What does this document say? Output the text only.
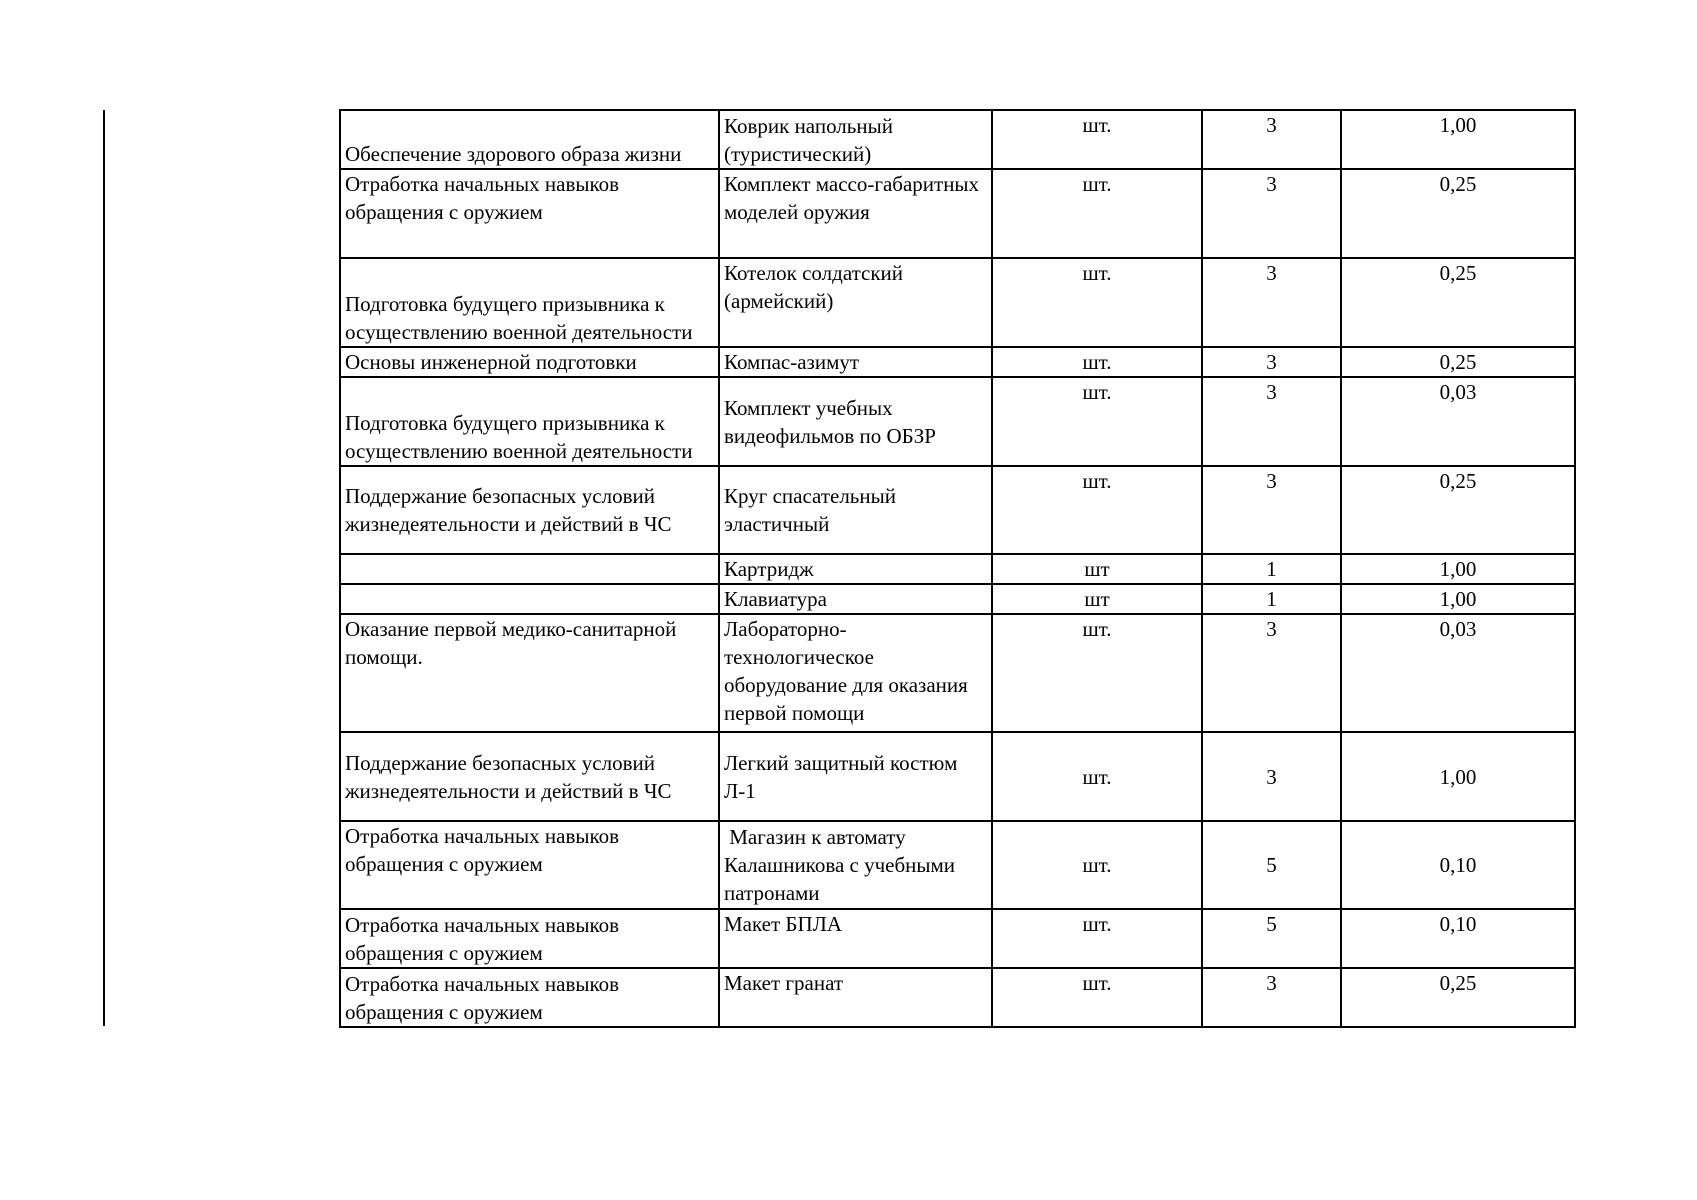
Обеспечение здорового образа жизни	Коврик напольный (туристический)	шт.	3	1,00
Отработка начальных навыков обращения с оружием	Комплект массо-габаритных моделей оружия	шт.	3	0,25
Подготовка будущего призывника к осуществлению военной деятельности	Котелок солдатский (армейский)	шт.	3	0,25
Основы инженерной подготовки	Компас-азимут	шт.	3	0,25
Подготовка будущего призывника к осуществлению военной деятельности	Комплект учебных видеофильмов по ОБЗР	шт.	3	0,03
Поддержание безопасных условий жизнедеятельности и действий в ЧС	Круг спасательный эластичный	шт.	3	0,25
	Картридж	шт	1	1,00
	Клавиатура	шт	1	1,00
Оказание первой медико-санитарной помощи.	Лабораторно-технологическое оборудование для оказания первой помощи	шт.	3	0,03
Поддержание безопасных условий жизнедеятельности и действий в ЧС	Легкий защитный костюм Л-1	шт.	3	1,00
Отработка начальных навыков обращения с оружием	Магазин к автомату Калашникова с учебными патронами	шт.	5	0,10
Отработка начальных навыков обращения с оружием	Макет БПЛА	шт.	5	0,10
Отработка начальных навыков обращения с оружием	Макет гранат	шт.	3	0,25
